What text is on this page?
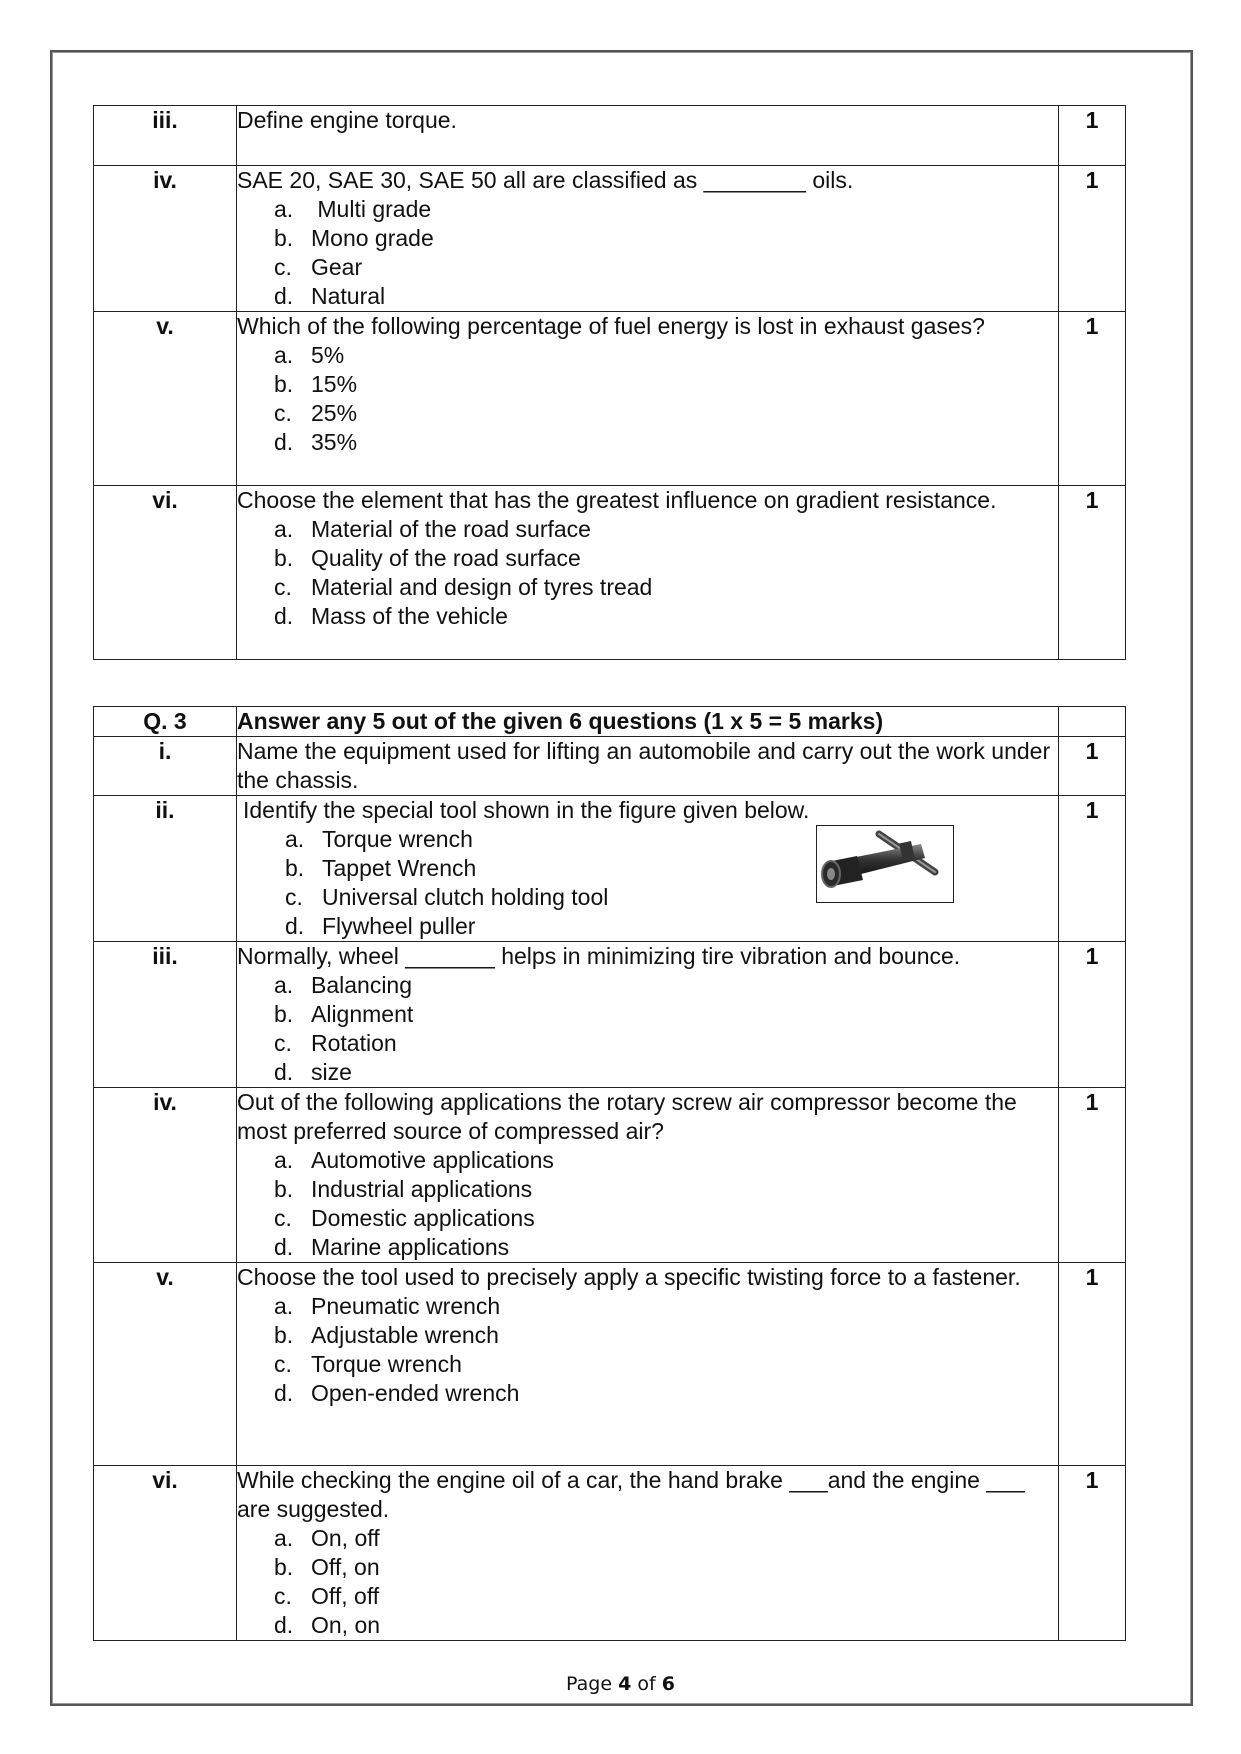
iii.	Define engine torque.	1
iv.	SAE 20, SAE 30, SAE 50 all are classified as ________ oils.
a. Multi grade
b. Mono grade
c. Gear
d. Natural	1
v.	Which of the following percentage of fuel energy is lost in exhaust gases?
a. 5%
b. 15%
c. 25%
d. 35%	1
vi.	Choose the element that has the greatest influence on gradient resistance.
a. Material of the road surface
b. Quality of the road surface
c. Material and design of tyres tread
d. Mass of the vehicle	1
Q. 3	Answer any 5 out of the given 6 questions (1 x 5 = 5 marks)	
i.	Name the equipment used for lifting an automobile and carry out the work under the chassis.	1
ii.	Identify the special tool shown in the figure given below.
a. Torque wrench
b. Tappet Wrench
c. Universal clutch holding tool
d. Flywheel puller	1
iii.	Normally, wheel _______ helps in minimizing tire vibration and bounce.
a. Balancing
b. Alignment
c. Rotation
d. size	1
iv.	Out of the following applications the rotary screw air compressor become the most preferred source of compressed air?
a. Automotive applications
b. Industrial applications
c. Domestic applications
d. Marine applications	1
v.	Choose the tool used to precisely apply a specific twisting force to a fastener.
a. Pneumatic wrench
b. Adjustable wrench
c. Torque wrench
d. Open-ended wrench	1
vi.	While checking the engine oil of a car, the hand brake ___and the engine ___ are suggested.
a. On, off
b. Off, on
c. Off, off
d. On, on	1
Page 4 of 6
